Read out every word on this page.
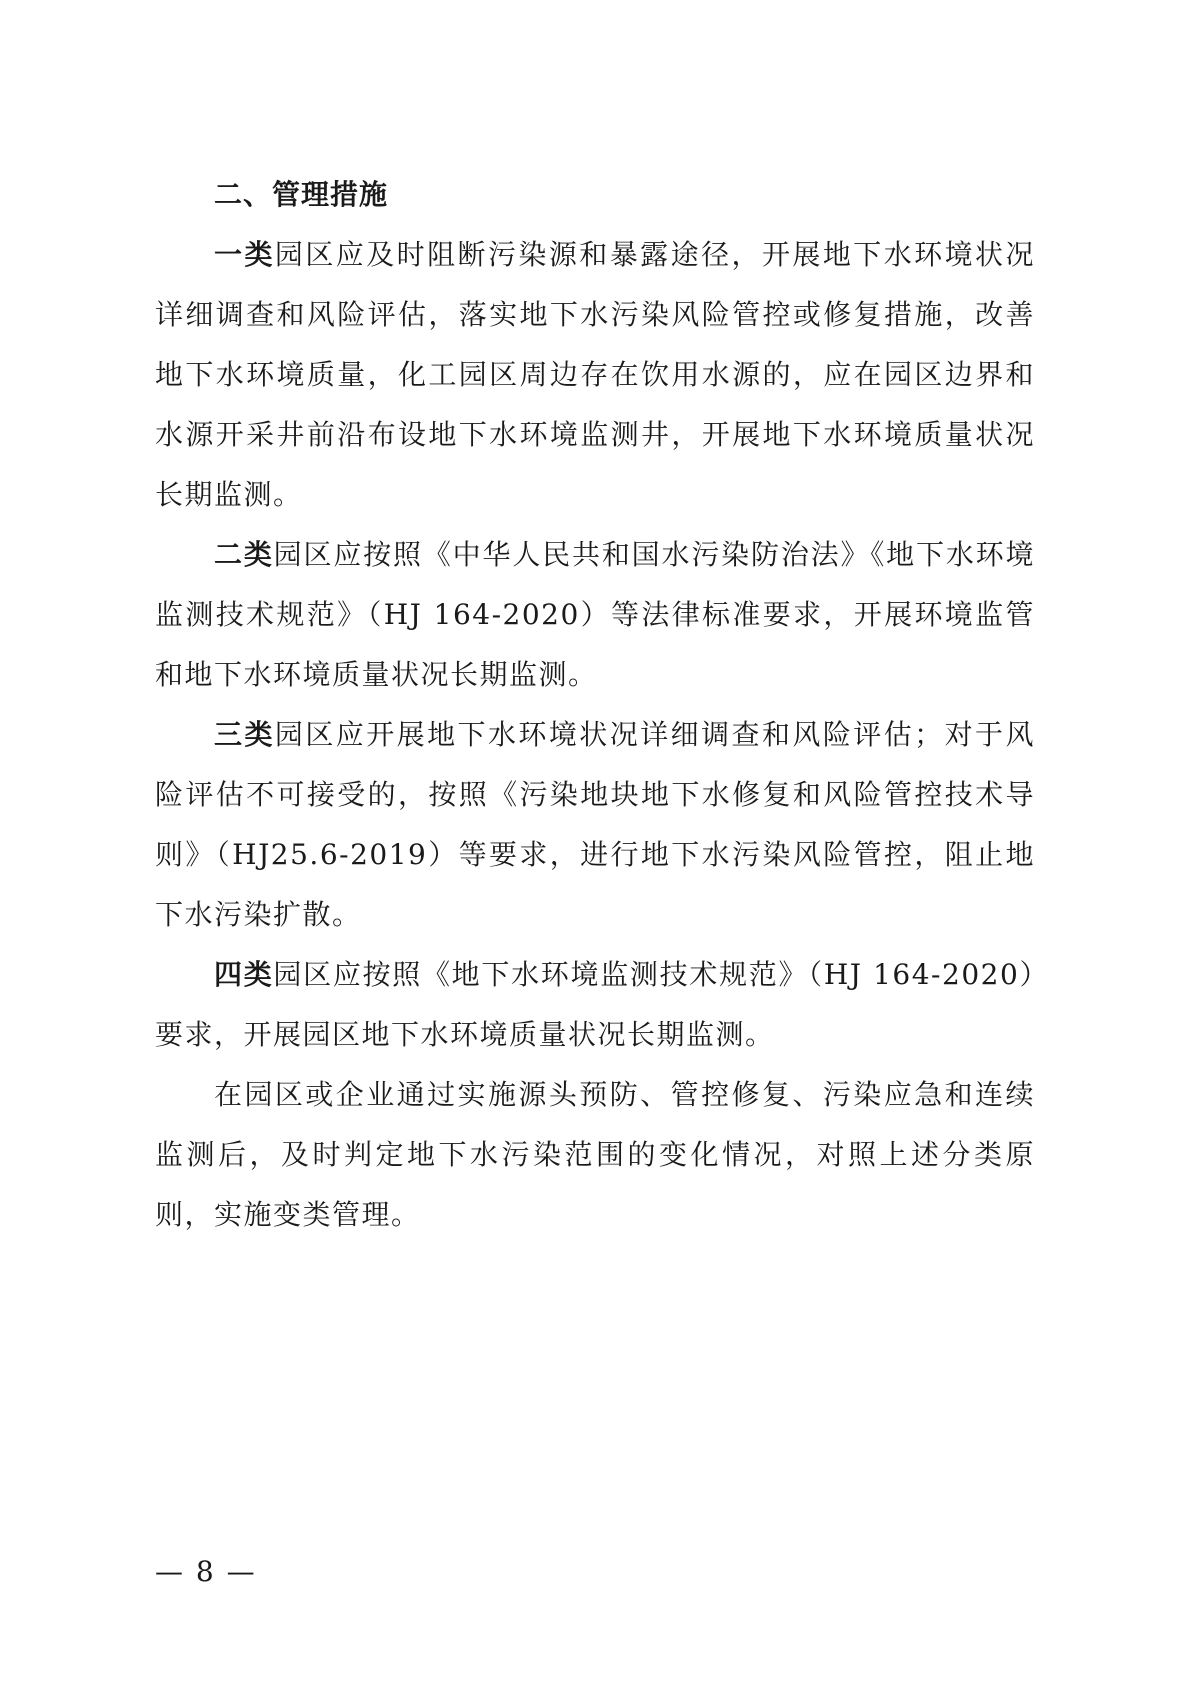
二、管理措施

一类园区应及时阻断污染源和暴露途径，开展地下水环境状况详细调查和风险评估，落实地下水污染风险管控或修复措施，改善地下水环境质量，化工园区周边存在饮用水源的，应在园区边界和水源开采井前沿布设地下水环境监测井，开展地下水环境质量状况长期监测。

二类园区应按照《中华人民共和国水污染防治法》《地下水环境监测技术规范》（HJ 164-2020）等法律标准要求，开展环境监管和地下水环境质量状况长期监测。

三类园区应开展地下水环境状况详细调查和风险评估；对于风险评估不可接受的，按照《污染地块地下水修复和风险管控技术导则》（HJ25.6-2019）等要求，进行地下水污染风险管控，阻止地下水污染扩散。

四类园区应按照《地下水环境监测技术规范》（HJ 164-2020）要求，开展园区地下水环境质量状况长期监测。

在园区或企业通过实施源头预防、管控修复、污染应急和连续监测后，及时判定地下水污染范围的变化情况，对照上述分类原则，实施变类管理。

— 8 —
